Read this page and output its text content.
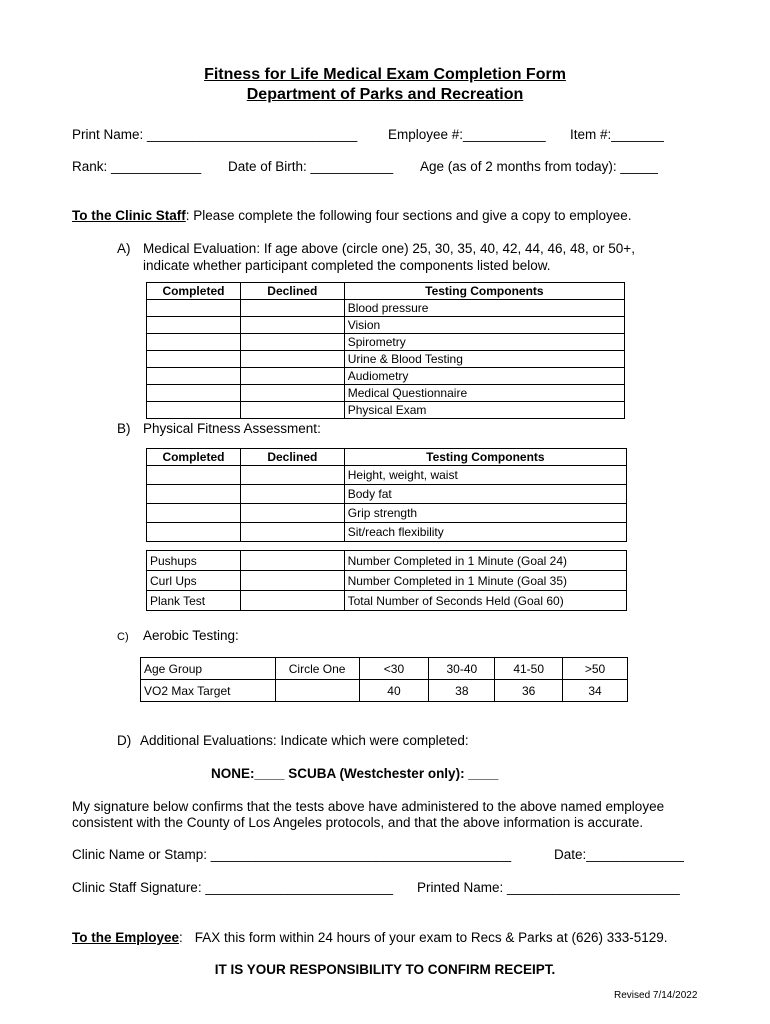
Fitness for Life Medical Exam Completion Form
Department of Parks and Recreation
Print Name: ____________________________ Employee #:___________ Item #:_______
Rank: ____________ Date of Birth: ___________ Age (as of 2 months from today): _____
To the Clinic Staff: Please complete the following four sections and give a copy to employee.
A) Medical Evaluation: If age above (circle one) 25, 30, 35, 40, 42, 44, 46, 48, or 50+,
indicate whether participant completed the components listed below.
Completed	Declined	Testing Components
		Blood pressure
		Vision
		Spirometry
		Urine & Blood Testing
		Audiometry
		Medical Questionnaire
		Physical Exam
B) Physical Fitness Assessment:
Completed	Declined	Testing Components
		Height, weight, waist
		Body fat
		Grip strength
		Sit/reach flexibility
Pushups		Number Completed in 1 Minute (Goal 24)
Curl Ups		Number Completed in 1 Minute (Goal 35)
Plank Test		Total Number of Seconds Held (Goal 60)
C) Aerobic Testing:
Age Group	Circle One	<30	30-40	41-50	>50
VO2 Max Target		40	38	36	34
D) Additional Evaluations: Indicate which were completed:
NONE:____ SCUBA (Westchester only): ____
My signature below confirms that the tests above have administered to the above named employee
consistent with the County of Los Angeles protocols, and that the above information is accurate.
Clinic Name or Stamp: ________________________________________	Date:_____________
Clinic Staff Signature: _________________________ Printed Name: _______________________
To the Employee: FAX this form within 24 hours of your exam to Recs & Parks at (626) 333-5129.
IT IS YOUR RESPONSIBILITY TO CONFIRM RECEIPT.
Revised 7/14/2022
